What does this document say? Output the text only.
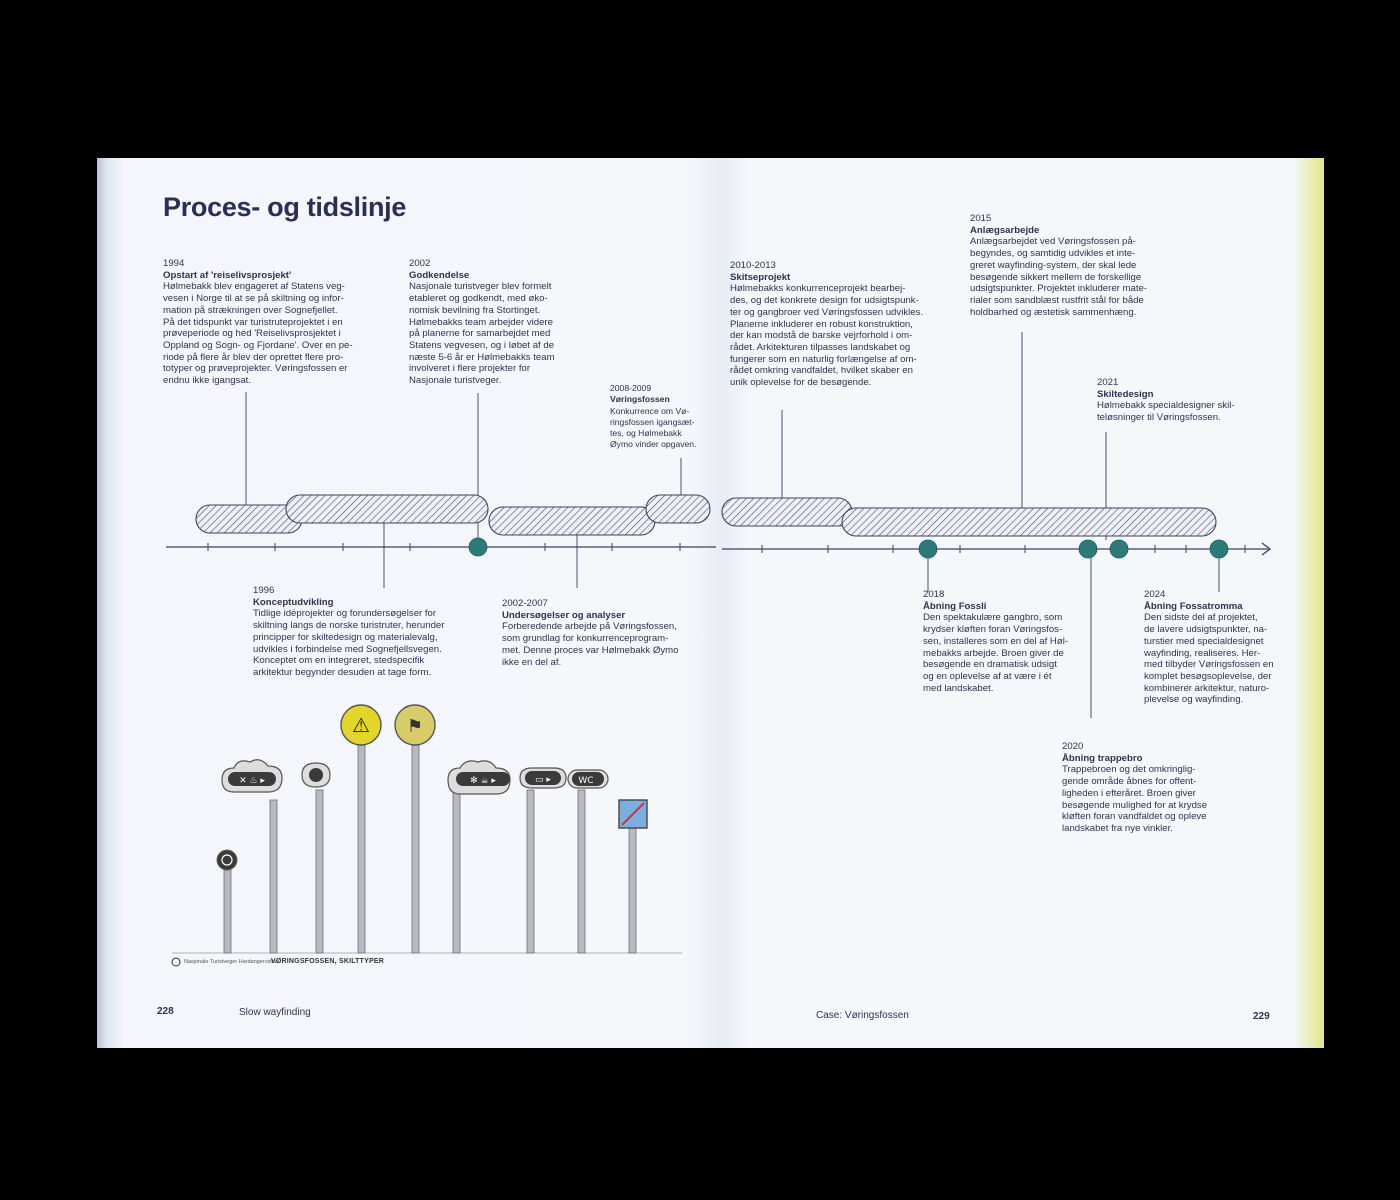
✕ ♨ ▸
⚠ ⚑
✻ ☕ ▸	▭ ▸	WC
Proces- og tidslinje
1994
Opstart af 'reiselivsprosjekt'
Hølmebakk blev engageret af Statens veg-
vesen i Norge til at se på skiltning og infor-
mation på strækningen over Sognefjellet.
På det tidspunkt var turistruteprojektet i en
prøveperiode og hed 'Reiselivsprosjektet i
Oppland og Sogn- og Fjordane'. Over en pe-
riode på flere år blev der oprettet flere pro-
totyper og prøveprojekter. Vøringsfossen er
endnu ikke igangsat.
2002
Godkendelse
Nasjonale turistveger blev formelt
etableret og godkendt, med øko-
nomisk bevilning fra Stortinget.
Hølmebakks team arbejder videre
på planerne for samarbejdet med
Statens vegvesen, og i løbet af de
næste 5-6 år er Hølmebakks team
involveret i flere projekter for
Nasjonale turistveger.
2008-2009
Vøringsfossen
Konkurrence om Vø-
ringsfossen igangsæt-
tes, og Hølmebakk
Øymo vinder opgaven.
1996
Konceptudvikling
Tidlige idéprojekter og forundersøgelser for
skiltning langs de norske turistruter, herunder
principper for skiltedesign og materialevalg,
udvikles i forbindelse med Sognefjellsvegen.
Konceptet om en integreret, stedspecifik
arkitektur begynder desuden at tage form.
2002-2007
Undersøgelser og analyser
Forberedende arbejde på Vøringsfossen,
som grundlag for konkurrenceprogram-
met. Denne proces var Hølmebakk Øymo
ikke en del af.
2010-2013
Skitseprojekt
Hølmebakks konkurrenceprojekt bearbej-
des, og det konkrete design for udsigtspunk-
ter og gangbroer ved Vøringsfossen udvikles.
Planerne inkluderer en robust konstruktion,
der kan modstå de barske vejrforhold i om-
rådet. Arkitekturen tilpasses landskabet og
fungerer som en naturlig forlængelse af om-
rådet omkring vandfaldet, hvilket skaber en
unik oplevelse for de besøgende.
2015
Anlægsarbejde
Anlægsarbejdet ved Vøringsfossen på-
begyndes, og samtidig udvikles et inte-
greret wayfinding-system, der skal lede
besøgende sikkert mellem de forskellige
udsigtspunkter. Projektet inkluderer mate-
rialer som sandblæst rustfrit stål for både
holdbarhed og æstetisk sammenhæng.
2021
Skiltedesign
Hølmebakk specialdesigner skil-
teløsninger til Vøringsfossen.
2018
Åbning Fossli
Den spektakulære gangbro, som
krydser kløften foran Vøringsfos-
sen, installeres som en del af Høl-
mebakks arbejde. Broen giver de
besøgende en dramatisk udsigt
og en oplevelse af at være i ét
med landskabet.
2024
Åbning Fossatromma
Den sidste del af projektet,
de lavere udsigtspunkter, na-
turstier med specialdesignet
wayfinding, realiseres. Her-
med tilbyder Vøringsfossen en
komplet besøgsoplevelse, der
kombinerer arkitektur, naturo-
plevelse og wayfinding.
2020
Åbning trappebro
Trappebroen og det omkringlig-
gende område åbnes for offent-
ligheden i efteråret. Broen giver
besøgende mulighed for at krydse
kløften foran vandfaldet og opleve
landskabet fra nye vinkler.
Nasjonale Turistveger Hardangervidda
VØRINGSFOSSEN, SKILTTYPER
228	Slow wayfinding	Case: Vøringsfossen	229
